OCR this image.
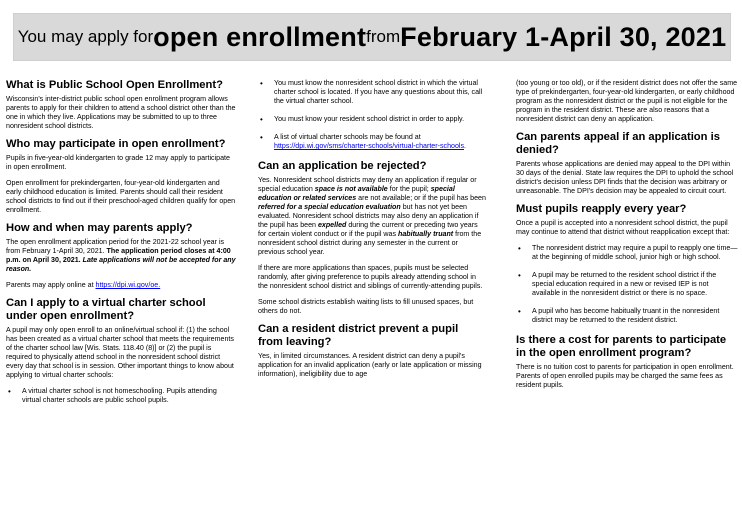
You may apply for open enrollment from February 1-April 30, 2021
What is Public School Open Enrollment?

Wisconsin's inter-district public school open enrollment program allows parents to apply for their children to attend a school district other than the one in which they live. Applications may be submitted to up to three nonresident school districts.

Who may participate in open enrollment?

Pupils in five-year-old kindergarten to grade 12 may apply to participate in open enrollment.

Open enrollment for prekindergarten, four-year-old kindergarten and early childhood education is limited. Parents should call their resident school districts to find out if their preschool-aged children qualify for open enrollment.

How and when may parents apply?

The open enrollment application period for the 2021-22 school year is from February 1-April 30, 2021. The application period closes at 4:00 p.m. on April 30, 2021. Late applications will not be accepted for any reason.

Parents may apply online at https://dpi.wi.gov/oe.

Can I apply to a virtual charter school under open enrollment?

A pupil may only open enroll to an online/virtual school if: (1) the school has been created as a virtual charter school that meets the requirements of the charter school law [Wis. Stats. 118.40 (8)] or (2) the pupil is required to physically attend school in the nonresident school district every day that school is in session. Other important things to know about applying to virtual charter schools:

• A virtual charter school is not homeschooling. Pupils attending virtual charter schools are public school pupils.
• You must know the nonresident school district in which the virtual charter school is located. If you have any questions about this, call the virtual charter school.
• You must know your resident school district in order to apply.
• A list of virtual charter schools may be found at https://dpi.wi.gov/sms/charter-schools/virtual-charter-schools.
Can an application be rejected?

Yes. Nonresident school districts may deny an application if regular or special education space is not available for the pupil; special education or related services are not available; or if the pupil has been referred for a special education evaluation but has not yet been evaluated. Nonresident school districts may also deny an application if the pupil has been expelled during the current or preceding two years for certain violent conduct or if the pupil was habitually truant from the nonresident school district during any semester in the current or previous school year.

If there are more applications than spaces, pupils must be selected randomly, after giving preference to pupils already attending school in the nonresident school district and siblings of currently-attending pupils.

Some school districts establish waiting lists to fill unused spaces, but others do not.

Can a resident district prevent a pupil from leaving?

Yes, in limited circumstances. A resident district can deny a pupil's application for an invalid application (early or late application or missing information), ineligibility due to age

(too young or too old), or if the resident district does not offer the same type of prekindergarten, four-year-old kindergarten, or early childhood program as the nonresident district or the pupil is not eligible for the program in the resident district. These are also reasons that a nonresident district can deny an application.

Can parents appeal if an application is denied?

Parents whose applications are denied may appeal to the DPI within 30 days of the denial. State law requires the DPI to uphold the school district's decision unless DPI finds that the decision was arbitrary or unreasonable. The DPI's decision may be appealed to circuit court.

Must pupils reapply every year?

Once a pupil is accepted into a nonresident school district, the pupil may continue to attend that district without reapplication except that:

• The nonresident district may require a pupil to reapply one time—at the beginning of middle school, junior high or high school.
• A pupil may be returned to the resident school district if the special education required in a new or revised IEP is not available in the nonresident district or there is no space.
• A pupil who has become habitually truant in the nonresident district may be returned to the resident district.
Is there a cost for parents to participate in the open enrollment program?

There is no tuition cost to parents for participation in open enrollment. Parents of open enrolled pupils may be charged the same fees as resident pupils.
